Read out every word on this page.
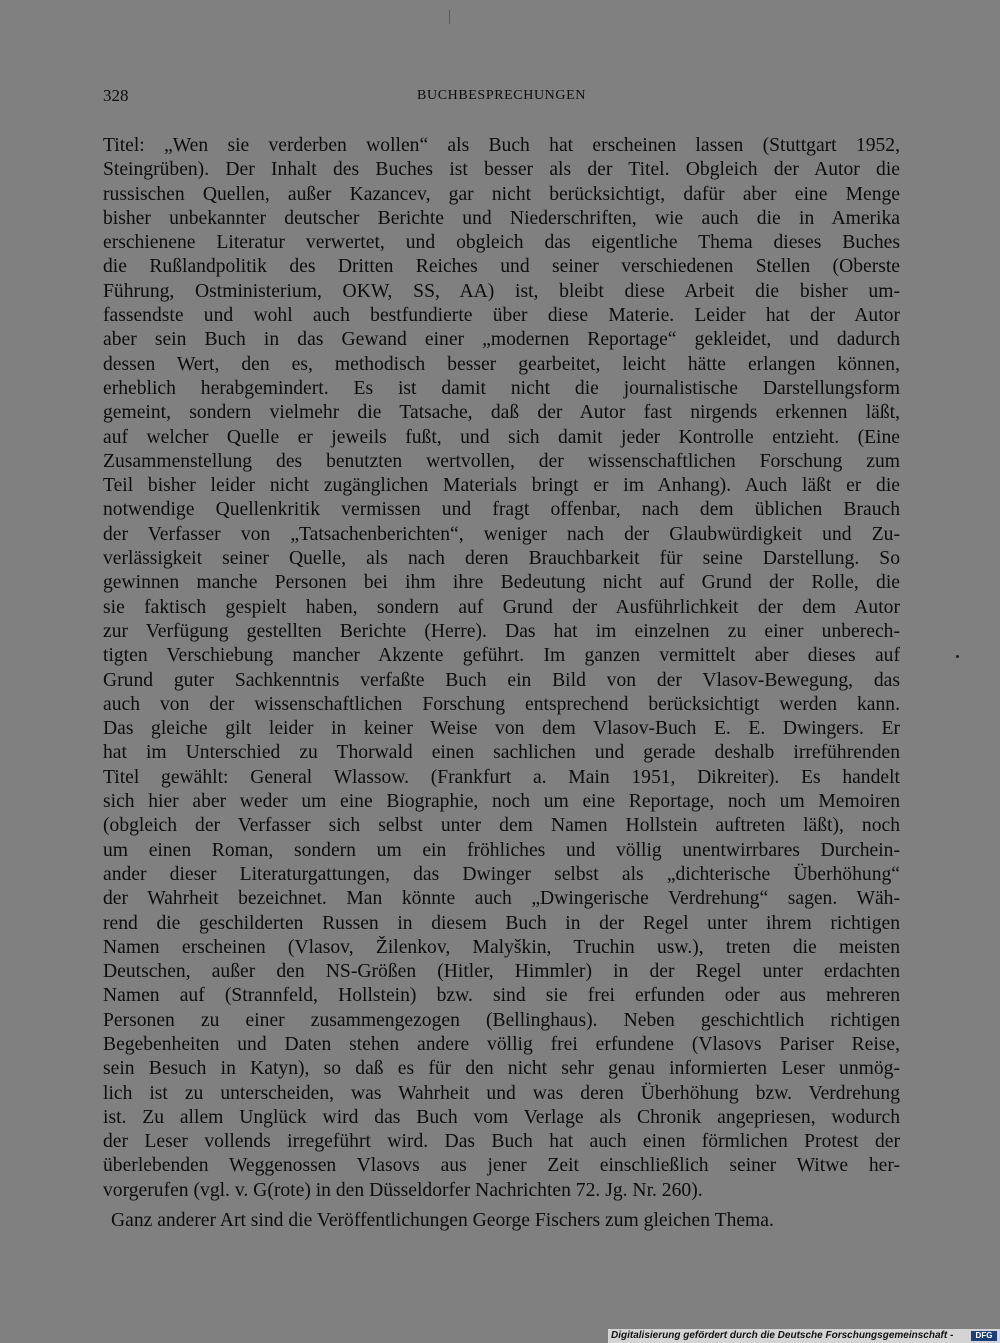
328	BUCHBESPRECHUNGEN
Titel: „Wen sie verderben wollen“ als Buch hat erscheinen lassen (Stuttgart 1952,
Steingrüben). Der Inhalt des Buches ist besser als der Titel. Obgleich der Autor die
russischen Quellen, außer Kazancev, gar nicht berücksichtigt, dafür aber eine Menge
bisher unbekannter deutscher Berichte und Niederschriften, wie auch die in Amerika
erschienene Literatur verwertet, und obgleich das eigentliche Thema dieses Buches
die Rußlandpolitik des Dritten Reiches und seiner verschiedenen Stellen (Oberste
Führung, Ostministerium, OKW, SS, AA) ist, bleibt diese Arbeit die bisher um-
fassendste und wohl auch bestfundierte über diese Materie. Leider hat der Autor
aber sein Buch in das Gewand einer „modernen Reportage“ gekleidet, und dadurch
dessen Wert, den es, methodisch besser gearbeitet, leicht hätte erlangen können,
erheblich herabgemindert. Es ist damit nicht die journalistische Darstellungsform
gemeint, sondern vielmehr die Tatsache, daß der Autor fast nirgends erkennen läßt,
auf welcher Quelle er jeweils fußt, und sich damit jeder Kontrolle entzieht. (Eine
Zusammenstellung des benutzten wertvollen, der wissenschaftlichen Forschung zum
Teil bisher leider nicht zugänglichen Materials bringt er im Anhang). Auch läßt er die
notwendige Quellenkritik vermissen und fragt offenbar, nach dem üblichen Brauch
der Verfasser von „Tatsachenberichten“, weniger nach der Glaubwürdigkeit und Zu-
verlässigkeit seiner Quelle, als nach deren Brauchbarkeit für seine Darstellung. So
gewinnen manche Personen bei ihm ihre Bedeutung nicht auf Grund der Rolle, die
sie faktisch gespielt haben, sondern auf Grund der Ausführlichkeit der dem Autor
zur Verfügung gestellten Berichte (Herre). Das hat im einzelnen zu einer unberech-
tigten Verschiebung mancher Akzente geführt. Im ganzen vermittelt aber dieses auf
Grund guter Sachkenntnis verfaßte Buch ein Bild von der Vlasov-Bewegung, das
auch von der wissenschaftlichen Forschung entsprechend berücksichtigt werden kann.
Das gleiche gilt leider in keiner Weise von dem Vlasov-Buch E. E. Dwingers. Er
hat im Unterschied zu Thorwald einen sachlichen und gerade deshalb irreführenden
Titel gewählt: General Wlassow. (Frankfurt a. Main 1951, Dikreiter). Es handelt
sich hier aber weder um eine Biographie, noch um eine Reportage, noch um Memoiren
(obgleich der Verfasser sich selbst unter dem Namen Hollstein auftreten läßt), noch
um einen Roman, sondern um ein fröhliches und völlig unentwirrbares Durchein-
ander dieser Literaturgattungen, das Dwinger selbst als „dichterische Überhöhung“
der Wahrheit bezeichnet. Man könnte auch „Dwingerische Verdrehung“ sagen. Wäh-
rend die geschilderten Russen in diesem Buch in der Regel unter ihrem richtigen
Namen erscheinen (Vlasov, Žilenkov, Malyškin, Truchin usw.), treten die meisten
Deutschen, außer den NS-Größen (Hitler, Himmler) in der Regel unter erdachten
Namen auf (Strannfeld, Hollstein) bzw. sind sie frei erfunden oder aus mehreren
Personen zu einer zusammengezogen (Bellinghaus). Neben geschichtlich richtigen
Begebenheiten und Daten stehen andere völlig frei erfundene (Vlasovs Pariser Reise,
sein Besuch in Katyn), so daß es für den nicht sehr genau informierten Leser unmög-
lich ist zu unterscheiden, was Wahrheit und was deren Überhöhung bzw. Verdrehung
ist. Zu allem Unglück wird das Buch vom Verlage als Chronik angepriesen, wodurch
der Leser vollends irregeführt wird. Das Buch hat auch einen förmlichen Protest der
überlebenden Weggenossen Vlasovs aus jener Zeit einschließlich seiner Witwe her-
vorgerufen (vgl. v. G(rote) in den Düsseldorfer Nachrichten 72. Jg. Nr. 260).
Ganz anderer Art sind die Veröffentlichungen George Fischers zum gleichen Thema.
Digitalisierung gefördert durch die Deutsche Forschungsgemeinschaft -	DFG
